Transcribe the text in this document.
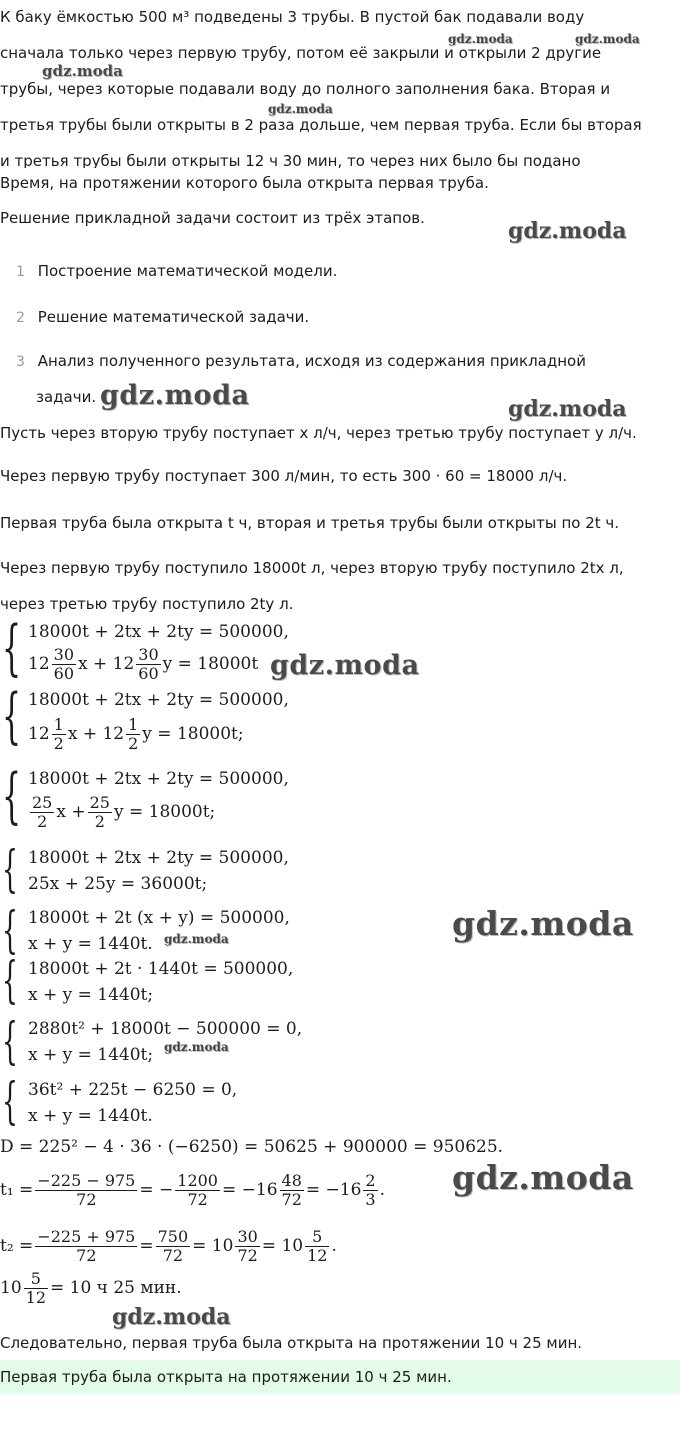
К баку ёмкостью 500 м³ подведены 3 трубы. В пустой бак подавали воду
сначала только через первую трубу, потом её закрыли и открыли 2 другие
трубы, через которые подавали воду до полного заполнения бака. Вторая и
третья трубы были открыты в 2 раза дольше, чем первая труба. Если бы вторая
и третья трубы были открыты 12 ч 30 мин, то через них было бы подано
Время, на протяжении которого была открыта первая труба.
Решение прикладной задачи состоит из трёх этапов.
1 Построение математической модели.
2 Решение математической задачи.
3 Анализ полученного результата, исходя из содержания прикладной
задачи.
Пусть через вторую трубу поступает x л/ч, через третью трубу поступает y л/ч.
Через первую трубу поступает 300 л/мин, то есть 300 · 60 = 18000 л/ч.
Первая труба была открыта t ч, вторая и третья трубы были открыты по 2t ч.
Через первую трубу поступило 18000t л, через вторую трубу поступило 2tx л,
через третью трубу поступило 2ty л.
{ 18000t + 2tx + 2ty = 500000,
$12 \frac{30}{60}$ $x + 12 \frac{30}{60}$ y = 18000t
{ 18000t + 2tx + 2ty = 500000,
$12 \frac{1}{2}$ $x + 12 \frac{1}{2}$ y = 18000t;
{ 18000t + 2tx + 2ty = 500000,
$\frac{25}{2}$ $x + \frac{25}{2}$ y = 18000t;
{ 18000t + 2tx + 2ty = 500000,
25x + 25y = 36000t;
{ 18000t + 2t (x + y) = 500000,
x + y = 1440t.
{ 18000t + 2t · 1440t = 500000,
x + y = 1440t;
{ 2880t² + 18000t − 500000 = 0,
x + y = 1440t;
{ 36t² + 225t − 6250 = 0,
x + y = 1440t.
D = 225² − 4 · 36 · (−6250) = 50625 + 900000 = 950625.
$t_1 = \frac{-225 - 975}{72}$ = − $\frac{1200}{72} = -16 \frac{48}{72} = -16 \frac{2}{3}$ .
$t_2 = \frac{-225 + 975}{72} = \frac{750}{72} = 10 \frac{30}{72} = 10 \frac{5}{12}$ .
$10 \frac{5}{12} = 10$ ч 25 мин.
Следовательно, первая труба была открыта на протяжении 10 ч 25 мин.
Первая труба была открыта на протяжении 10 ч 25 мин.
gdz.moda	gdz.moda
gdz.moda
gdz.moda
gdz.moda
gdz.moda	gdz.moda
gdz.moda
gdz.moda
gdz.moda
gdz.moda
gdz.moda
gdz.moda
